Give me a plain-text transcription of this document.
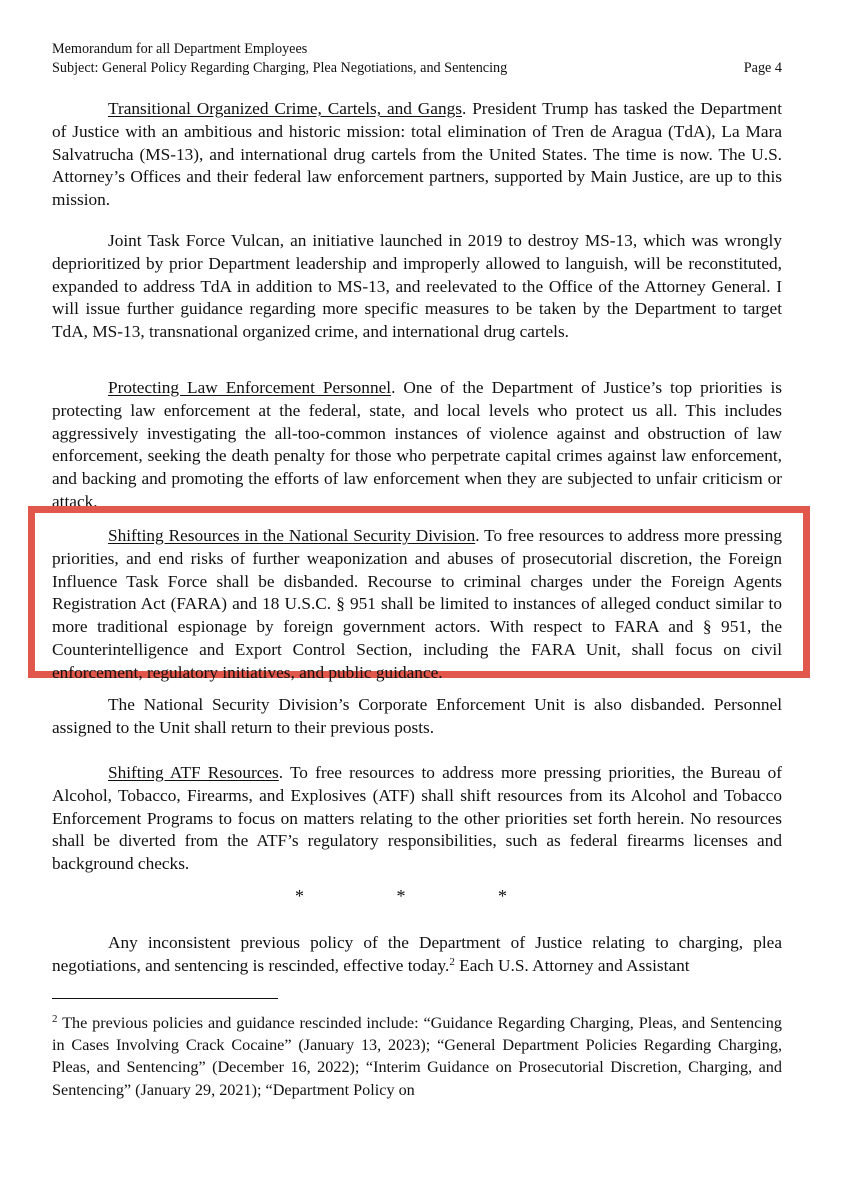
Memorandum for all Department Employees
Subject: General Policy Regarding Charging, Plea Negotiations, and Sentencing	Page 4
Transitional Organized Crime, Cartels, and Gangs. President Trump has tasked the Department of Justice with an ambitious and historic mission: total elimination of Tren de Aragua (TdA), La Mara Salvatrucha (MS-13), and international drug cartels from the United States. The time is now. The U.S. Attorney’s Offices and their federal law enforcement partners, supported by Main Justice, are up to this mission.
Joint Task Force Vulcan, an initiative launched in 2019 to destroy MS-13, which was wrongly deprioritized by prior Department leadership and improperly allowed to languish, will be reconstituted, expanded to address TdA in addition to MS-13, and reelevated to the Office of the Attorney General. I will issue further guidance regarding more specific measures to be taken by the Department to target TdA, MS-13, transnational organized crime, and international drug cartels.
Protecting Law Enforcement Personnel. One of the Department of Justice’s top priorities is protecting law enforcement at the federal, state, and local levels who protect us all. This includes aggressively investigating the all-too-common instances of violence against and obstruction of law enforcement, seeking the death penalty for those who perpetrate capital crimes against law enforcement, and backing and promoting the efforts of law enforcement when they are subjected to unfair criticism or attack.
Shifting Resources in the National Security Division. To free resources to address more pressing priorities, and end risks of further weaponization and abuses of prosecutorial discretion, the Foreign Influence Task Force shall be disbanded. Recourse to criminal charges under the Foreign Agents Registration Act (FARA) and 18 U.S.C. § 951 shall be limited to instances of alleged conduct similar to more traditional espionage by foreign government actors. With respect to FARA and § 951, the Counterintelligence and Export Control Section, including the FARA Unit, shall focus on civil enforcement, regulatory initiatives, and public guidance.
The National Security Division’s Corporate Enforcement Unit is also disbanded. Personnel assigned to the Unit shall return to their previous posts.
Shifting ATF Resources. To free resources to address more pressing priorities, the Bureau of Alcohol, Tobacco, Firearms, and Explosives (ATF) shall shift resources from its Alcohol and Tobacco Enforcement Programs to focus on matters relating to the other priorities set forth herein. No resources shall be diverted from the ATF’s regulatory responsibilities, such as federal firearms licenses and background checks.
* * *
Any inconsistent previous policy of the Department of Justice relating to charging, plea negotiations, and sentencing is rescinded, effective today.$^2$ Each U.S. Attorney and Assistant
$^2$ The previous policies and guidance rescinded include: “Guidance Regarding Charging, Pleas, and Sentencing in Cases Involving Crack Cocaine” (January 13, 2023); “General Department Policies Regarding Charging, Pleas, and Sentencing” (December 16, 2022); “Interim Guidance on Prosecutorial Discretion, Charging, and Sentencing” (January 29, 2021); “Department Policy on
